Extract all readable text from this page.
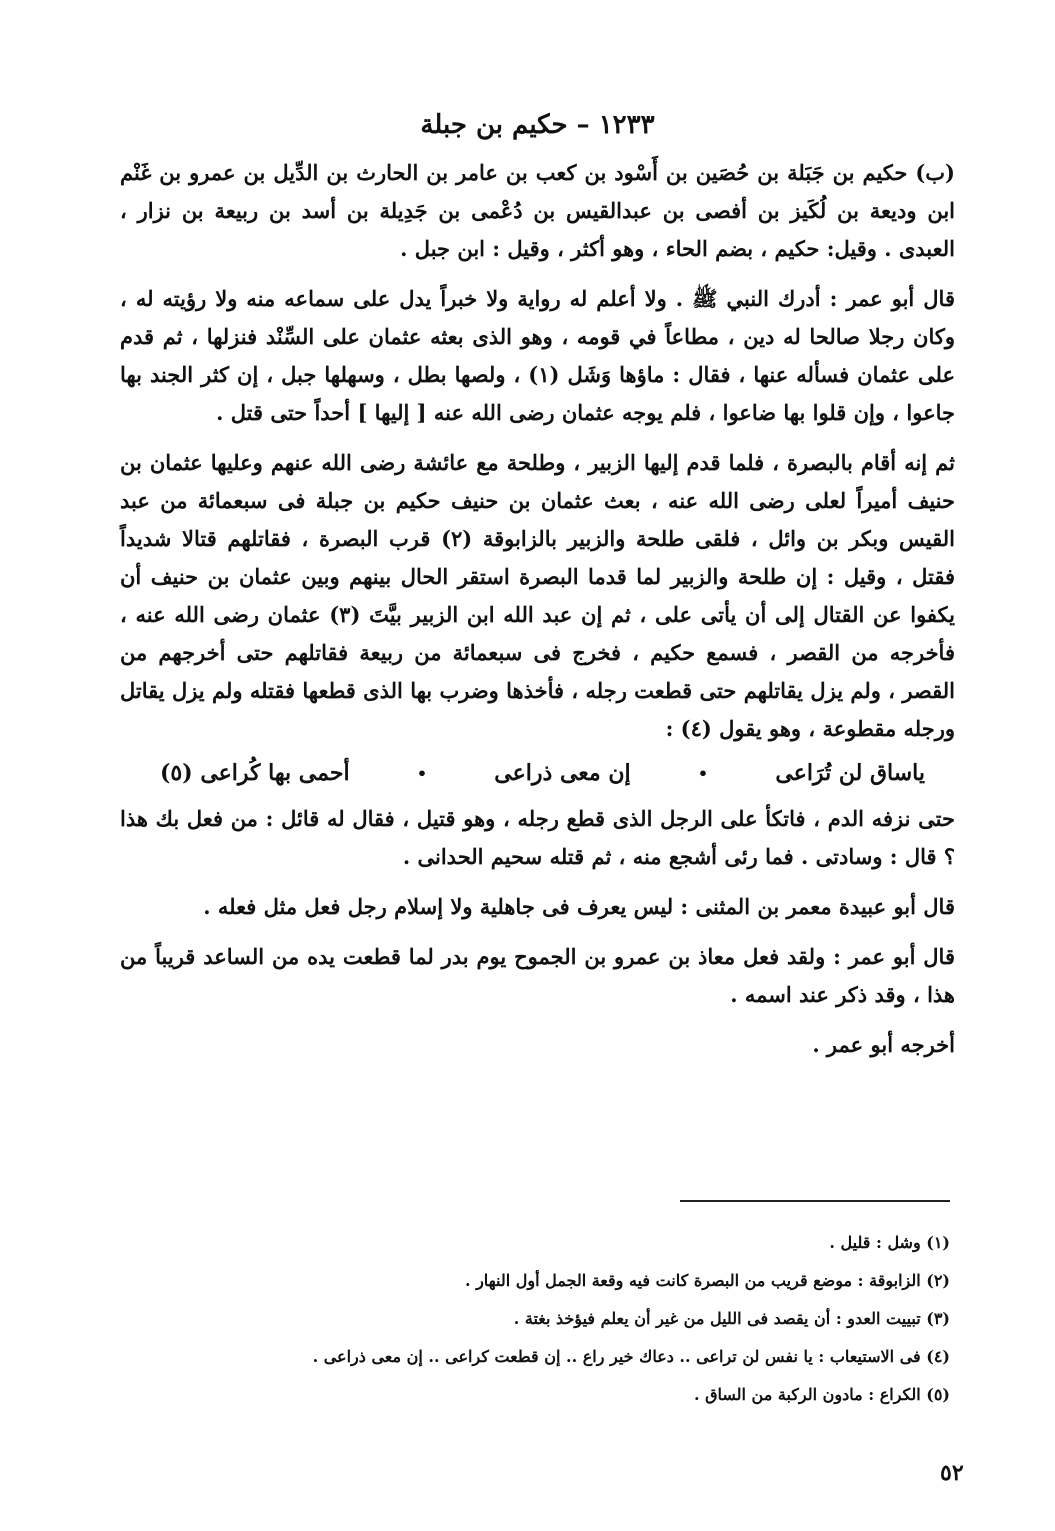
١٢٣٣ – حكيم بن جبلة

(ب) حكيم بن جَبَلة بن حُصَين بن أَسْود بن كعب بن عامر بن الحارث بن الدِّيل بن عمرو بن غَنْم ابن وديعة بن لُكَيز بن أفصى بن عبدالقيس بن دُعْمى بن جَدِيلة بن أسد بن ربيعة بن نزار ، العبدى . وقيل: حكيم ، بضم الحاء ، وهو أكثر ، وقيل : ابن جبل .

قال أبو عمر : أدرك النبي ﷺ . ولا أعلم له رواية ولا خبراً يدل على سماعه منه ولا رؤيته له ، وكان رجلا صالحا له دين ، مطاعاً في قومه ، وهو الذى بعثه عثمان على السِّنْد فنزلها ، ثم قدم على عثمان فسأله عنها ، فقال : ماؤها وَشَل (١) ، ولصها بطل ، وسهلها جبل ، إن كثر الجند بها جاعوا ، وإن قلوا بها ضاعوا ، فلم يوجه عثمان رضى الله عنه [ إليها ] أحداً حتى قتل .

ثم إنه أقام بالبصرة ، فلما قدم إليها الزبير ، وطلحة مع عائشة رضى الله عنهم وعليها عثمان بن حنيف أميراً لعلى رضى الله عنه ، بعث عثمان بن حنيف حكيم بن جبلة فى سبعمائة من عبد القيس وبكر بن وائل ، فلقى طلحة والزبير بالزابوقة (٢) قرب البصرة ، فقاتلهم قتالا شديداً فقتل ، وقيل : إن طلحة والزبير لما قدما البصرة استقر الحال بينهم وبين عثمان بن حنيف أن يكفوا عن القتال إلى أن يأتى على ، ثم إن عبد الله ابن الزبير بيَّتَ (٣) عثمان رضى الله عنه ، فأخرجه من القصر ، فسمع حكيم ، فخرج فى سبعمائة من ربيعة فقاتلهم حتى أخرجهم من القصر ، ولم يزل يقاتلهم حتى قطعت رجله ، فأخذها وضرب بها الذى قطعها فقتله ولم يزل يقاتل ورجله مقطوعة ، وهو يقول (٤) :

ياساق لن تُرَاعى
•
إن معى ذراعى
•
أحمى بها كُراعى (٥)

حتى نزفه الدم ، فاتكأ على الرجل الذى قطع رجله ، وهو قتيل ، فقال له قائل : من فعل بك هذا ؟ قال : وسادتى . فما رئى أشجع منه ، ثم قتله سحيم الحدانى .

قال أبو عبيدة معمر بن المثنى : ليس يعرف فى جاهلية ولا إسلام رجل فعل مثل فعله .

قال أبو عمر : ولقد فعل معاذ بن عمرو بن الجموح يوم بدر لما قطعت يده من الساعد قريباً من هذا ، وقد ذكر عند اسمه .

أخرجه أبو عمر .

(١) وشل : قليل .
(٢) الزابوقة : موضع قريب من البصرة كانت فيه وقعة الجمل أول النهار .
(٣) تبييت العدو : أن يقصد فى الليل من غير أن يعلم فيؤخذ بغتة .
(٤) فى الاستيعاب : يا نفس لن تراعى .. دعاك خير راع .. إن قطعت كراعى .. إن معى ذراعى .
(٥) الكراع : مادون الركبة من الساق .
٥٢
